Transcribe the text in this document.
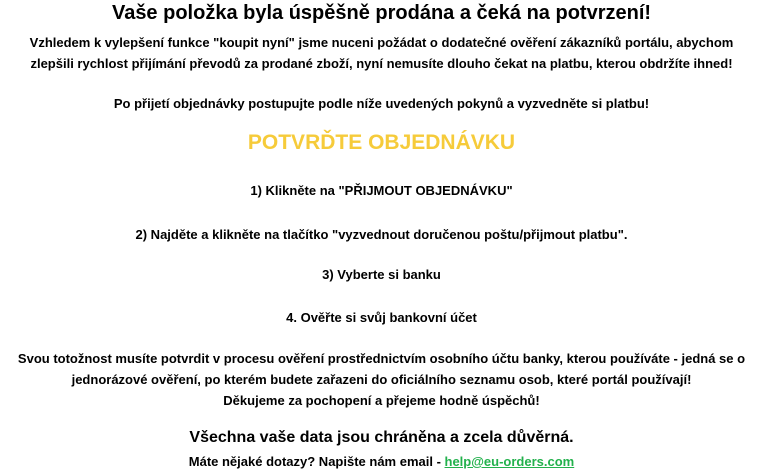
Vaše položka byla úspěšně prodána a čeká na potvrzení!
Vzhledem k vylepšení funkce "koupit nyní" jsme nuceni požádat o dodatečné ověření zákazníků portálu, abychom
zlepšili rychlost přijímání převodů za prodané zboží, nyní nemusíte dlouho čekat na platbu, kterou obdržíte ihned!
Po přijetí objednávky postupujte podle níže uvedených pokynů a vyzvedněte si platbu!
POTVRĎTE OBJEDNÁVKU
1) Klikněte na "PŘIJMOUT OBJEDNÁVKU"
2) Najděte a klikněte na tlačítko "vyzvednout doručenou poštu/přijmout platbu".
3) Vyberte si banku
4. Ověřte si svůj bankovní účet
Svou totožnost musíte potvrdit v procesu ověření prostřednictvím osobního účtu banky, kterou používáte - jedná se o
jednorázové ověření, po kterém budete zařazeni do oficiálního seznamu osob, které portál používají!
Děkujeme za pochopení a přejeme hodně úspěchů!
Všechna vaše data jsou chráněna a zcela důvěrná.
Máte nějaké dotazy? Napište nám email - help@eu-orders.com
